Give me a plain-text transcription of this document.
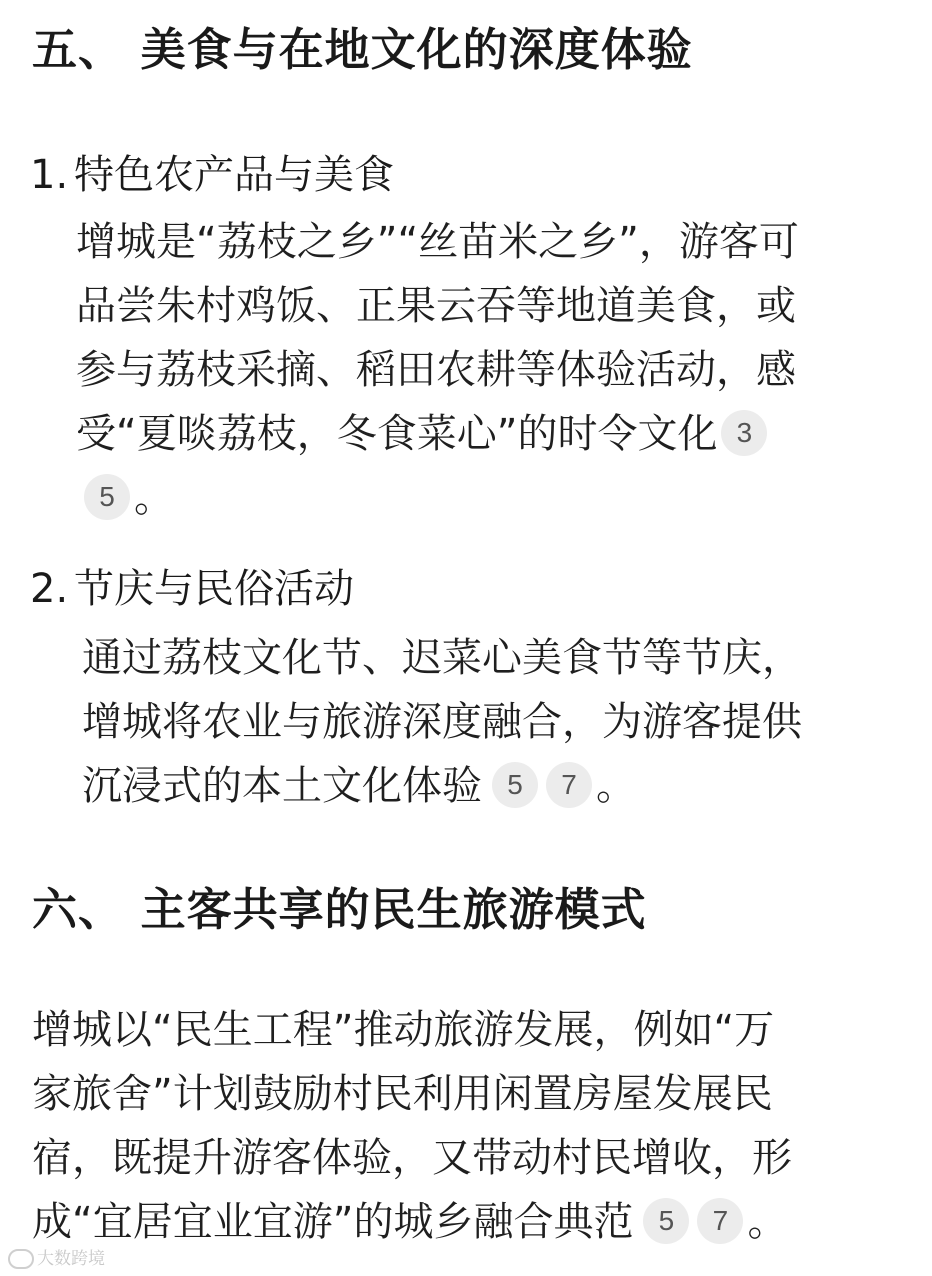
五、 美食与在地文化的深度体验
1. 特色农产品与美食
增城是“荔枝之乡”“丝苗米之乡”，游客可
品尝朱村鸡饭、正果云吞等地道美食，或
参与荔枝采摘、稻田农耕等体验活动，感
受“夏啖荔枝，冬食菜心”的时令文化 3
5 。
2. 节庆与民俗活动
通过荔枝文化节、迟菜心美食节等节庆，
增城将农业与旅游深度融合，为游客提供
沉浸式的本土文化体验 5 7 。
六、 主客共享的民生旅游模式
增城以“民生工程”推动旅游发展，例如“万
家旅舍”计划鼓励村民利用闲置房屋发展民
宿，既提升游客体验，又带动村民增收，形
成“宜居宜业宜游”的城乡融合典范 5 7 。
大数跨境
